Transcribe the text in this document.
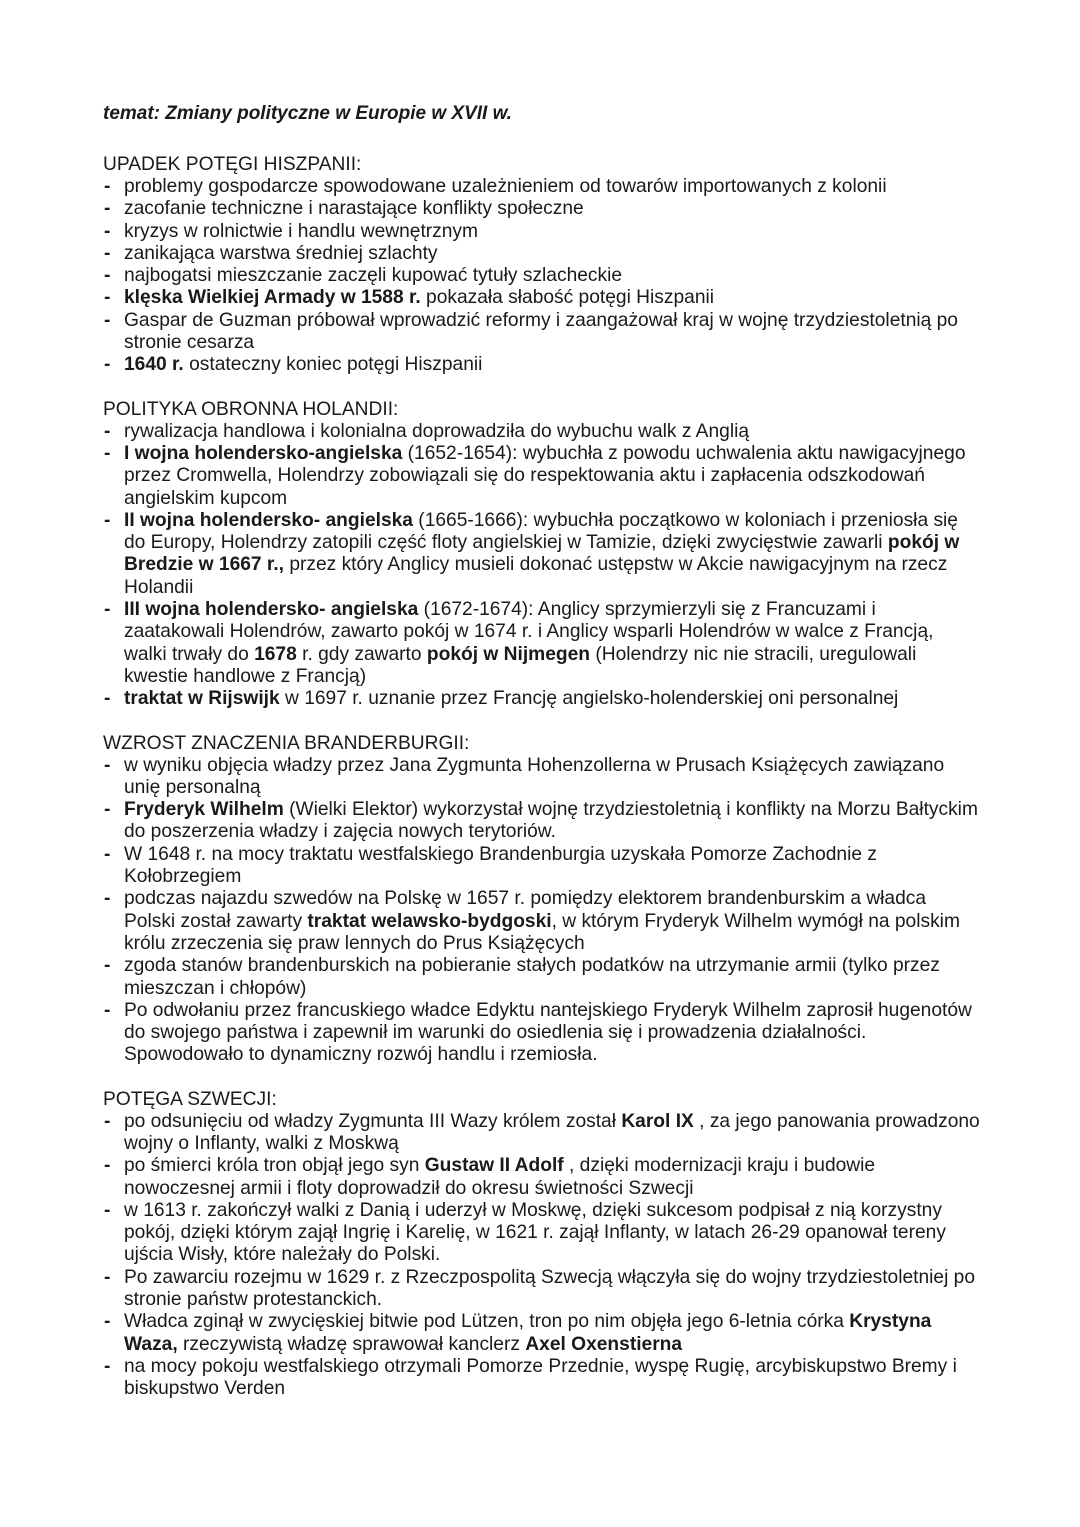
temat: Zmiany polityczne w Europie w XVII w.
UPADEK POTĘGI HISZPANII:
- problemy gospodarcze spowodowane uzależnieniem od towarów importowanych z kolonii
- zacofanie techniczne i narastające konflikty społeczne
- kryzys w rolnictwie i handlu wewnętrznym
- zanikająca warstwa średniej szlachty
- najbogatsi mieszczanie zaczęli kupować tytuły szlacheckie
- klęska Wielkiej Armady w 1588 r. pokazała słabość potęgi Hiszpanii
- Gaspar de Guzman próbował wprowadzić reformy i zaangażował kraj w wojnę trzydziestoletnią po stronie cesarza
- 1640 r. ostateczny koniec potęgi Hiszpanii
POLITYKA OBRONNA HOLANDII:
- rywalizacja handlowa i kolonialna doprowadziła do wybuchu walk z Anglią
- I wojna holendersko-angielska (1652-1654): wybuchła z powodu uchwalenia aktu nawigacyjnego przez Cromwella, Holendrzy zobowiązali się do respektowania aktu i zapłacenia odszkodowań angielskim kupcom
- II wojna holendersko- angielska (1665-1666): wybuchła początkowo w koloniach i przeniosła się do Europy, Holendrzy zatopili część floty angielskiej w Tamizie, dzięki zwycięstwie zawarli pokój w Bredzie w 1667 r., przez który Anglicy musieli dokonać ustępstw w Akcie nawigacyjnym na rzecz Holandii
- III wojna holendersko- angielska (1672-1674): Anglicy sprzymierzyli się z Francuzami i zaatakowali Holendrów, zawarto pokój w 1674 r. i Anglicy wsparli Holendrów w walce z Francją, walki trwały do 1678 r. gdy zawarto pokój w Nijmegen (Holendrzy nic nie stracili, uregulowali kwestie handlowe z Francją)
- traktat w Rijswijk w 1697 r. uznanie przez Francję angielsko-holenderskiej oni personalnej
WZROST ZNACZENIA BRANDERBURGII:
- w wyniku objęcia władzy przez Jana Zygmunta Hohenzollerna w Prusach Książęcych zawiązano unię personalną
- Fryderyk Wilhelm (Wielki Elektor) wykorzystał wojnę trzydziestoletnią i konflikty na Morzu Bałtyckim do poszerzenia władzy i zajęcia nowych terytoriów.
- W 1648 r. na mocy traktatu westfalskiego Brandenburgia uzyskała Pomorze Zachodnie z Kołobrzegiem
- podczas najazdu szwedów na Polskę w 1657 r. pomiędzy elektorem brandenburskim a władca Polski został zawarty traktat welawsko-bydgoski, w którym Fryderyk Wilhelm wymógł na polskim królu zrzeczenia się praw lennych do Prus Książęcych
- zgoda stanów brandenburskich na pobieranie stałych podatków na utrzymanie armii (tylko przez mieszczan i chłopów)
- Po odwołaniu przez francuskiego władce Edyktu nantejskiego Fryderyk Wilhelm zaprosił hugenotów do swojego państwa i zapewnił im warunki do osiedlenia się i prowadzenia działalności. Spowodowało to dynamiczny rozwój handlu i rzemiosła.
POTĘGA SZWECJI:
- po odsunięciu od władzy Zygmunta III Wazy królem został Karol IX , za jego panowania prowadzono wojny o Inflanty, walki z Moskwą
- po śmierci króla tron objął jego syn Gustaw II Adolf , dzięki modernizacji kraju i budowie nowoczesnej armii i floty doprowadził do okresu świetności Szwecji
- w 1613 r. zakończył walki z Danią i uderzył w Moskwę, dzięki sukcesom podpisał z nią korzystny pokój, dzięki którym zajął Ingrię i Karelię, w 1621 r. zajął Inflanty, w latach 26-29 opanował tereny ujścia Wisły, które należały do Polski.
- Po zawarciu rozejmu w 1629 r. z Rzeczpospolitą Szwecją włączyła się do wojny trzydziestoletniej po stronie państw protestanckich.
- Władca zginął w zwycięskiej bitwie pod Lützen, tron po nim objęła jego 6-letnia córka Krystyna Waza, rzeczywistą władzę sprawował kanclerz Axel Oxenstierna
- na mocy pokoju westfalskiego otrzymali Pomorze Przednie, wyspę Rugię, arcybiskupstwo Bremy i biskupstwo Verden
